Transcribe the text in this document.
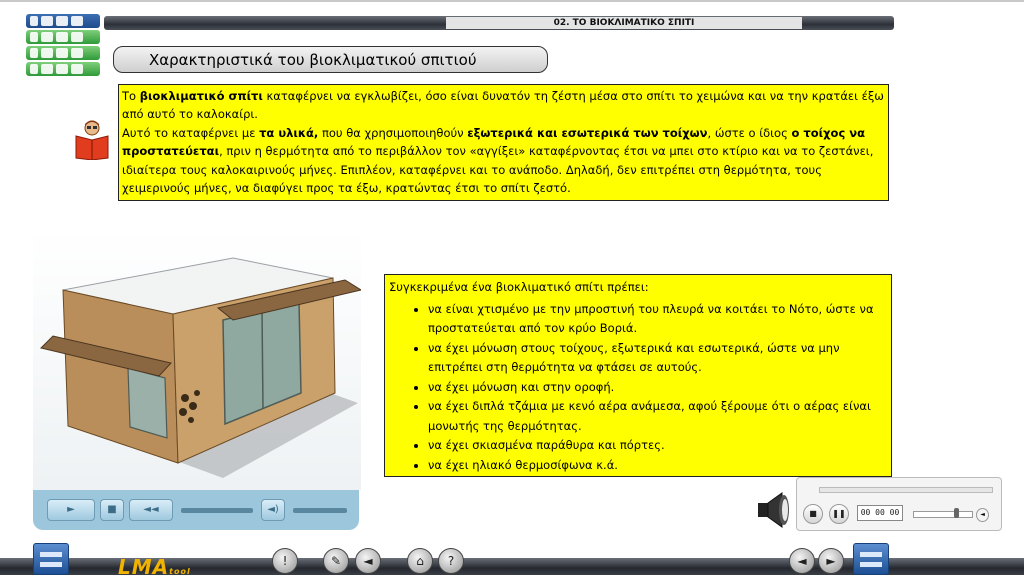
02. ΤΟ ΒΙΟΚΛΙΜΑΤΙΚΟ ΣΠΙΤΙ
Χαρακτηριστικά του βιοκλιματικού σπιτιού
Το βιοκλιματικό σπίτι καταφέρνει να εγκλωβίζει, όσο είναι δυνατόν τη ζέστη μέσα στο σπίτι το χειμώνα και να την κρατάει έξω από αυτό το καλοκαίρι.
Αυτό το καταφέρνει με τα υλικά, που θα χρησιμοποιηθούν εξωτερικά και εσωτερικά των τοίχων, ώστε ο ίδιος ο τοίχος να προστατεύεται, πριν η θερμότητα από το περιβάλλον τον «αγγίξει» καταφέρνοντας έτσι να μπει στο κτίριο και να το ζεστάνει, ιδιαίτερα τους καλοκαιρινούς μήνες. Επιπλέον, καταφέρνει και το ανάποδο. Δηλαδή, δεν επιτρέπει στη θερμότητα, τους χειμερινούς μήνες, να διαφύγει προς τα έξω, κρατώντας έτσι το σπίτι ζεστό.
►	■	◄◄	◄)
Συγκεκριμένα ένα βιοκλιματικό σπίτι πρέπει:
• να είναι χτισμένο με την μπροστινή του πλευρά να κοιτάει το Νότο, ώστε να προστατεύεται από τον κρύο Βοριά.
• να έχει μόνωση στους τοίχους, εξωτερικά και εσωτερικά, ώστε να μην επιτρέπει στη θερμότητα να φτάσει σε αυτούς.
• να έχει μόνωση και στην οροφή.
• να έχει διπλά τζάμια με κενό αέρα ανάμεσα, αφού ξέρουμε ότι ο αέρας είναι μονωτής της θερμότητας.
• να έχει σκιασμένα παράθυρα και πόρτες.
• να έχει ηλιακό θερμοσίφωνα κ.ά.
■	❚❚	00 00 00	◄
LMAtool
!	✎	◄	⌂	?	◄	►
